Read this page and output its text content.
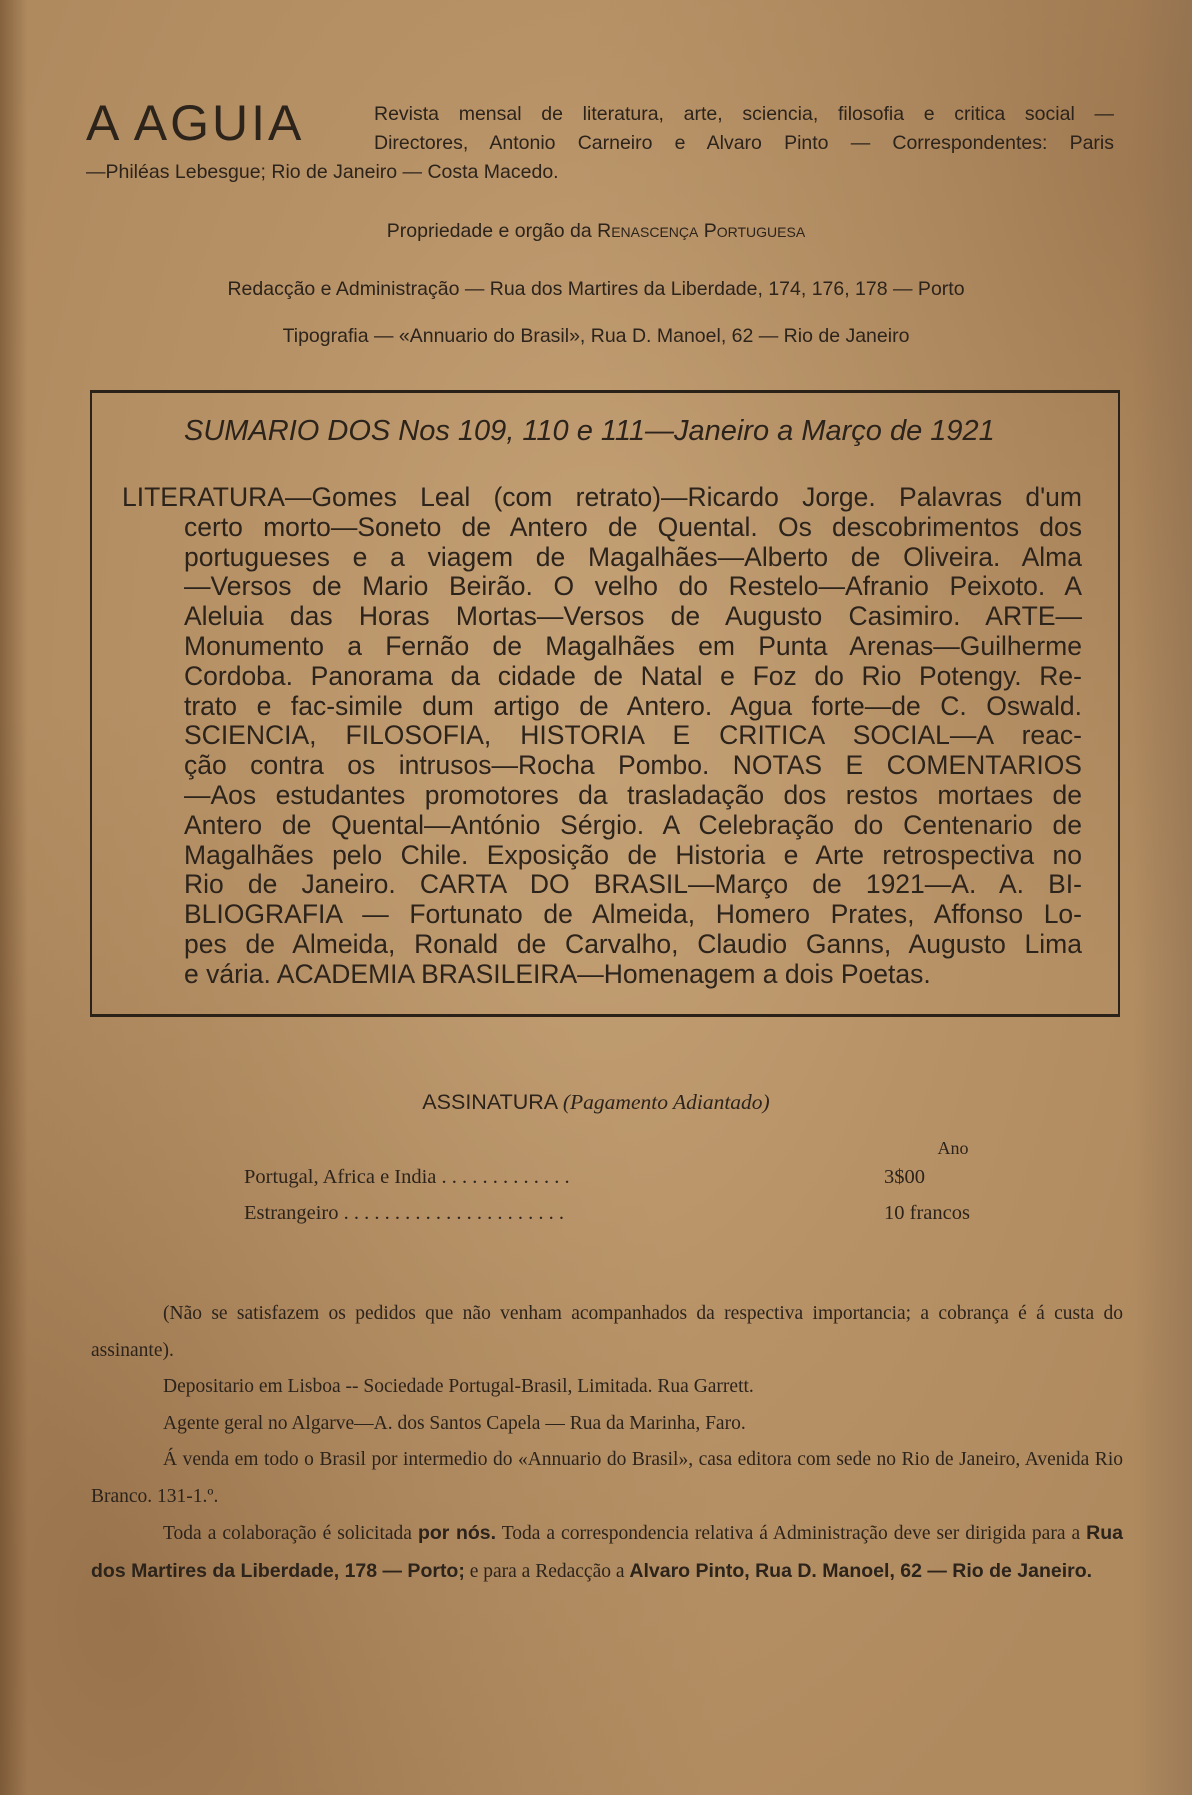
A AGUIA	Revista mensal de literatura, arte, sciencia, filosofia e critica social —
Directores, Antonio Carneiro e Alvaro Pinto — Correspondentes: Paris
—Philéas Lebesgue; Rio de Janeiro — Costa Macedo.
Propriedade e orgão da Renascença Portuguesa
Redacção e Administração — Rua dos Martires da Liberdade, 174, 176, 178 — Porto
Tipografia — «Annuario do Brasil», Rua D. Manoel, 62 — Rio de Janeiro
SUMARIO DOS Nos 109, 110 e 111—Janeiro a Março de 1921
LITERATURA—Gomes Leal (com retrato)—Ricardo Jorge. Palavras d'um
certo morto—Soneto de Antero de Quental. Os descobrimentos dos
portugueses e a viagem de Magalhães—Alberto de Oliveira. Alma
—Versos de Mario Beirão. O velho do Restelo—Afranio Peixoto. A
Aleluia das Horas Mortas—Versos de Augusto Casimiro. ARTE—
Monumento a Fernão de Magalhães em Punta Arenas—Guilherme
Cordoba. Panorama da cidade de Natal e Foz do Rio Potengy. Re-
trato e fac-simile dum artigo de Antero. Agua forte—de C. Oswald.
SCIENCIA, FILOSOFIA, HISTORIA E CRITICA SOCIAL—A reac-
ção contra os intrusos—Rocha Pombo. NOTAS E COMENTARIOS
—Aos estudantes promotores da trasladação dos restos mortaes de
Antero de Quental—António Sérgio. A Celebração do Centenario de
Magalhães pelo Chile. Exposição de Historia e Arte retrospectiva no
Rio de Janeiro. CARTA DO BRASIL—Março de 1921—A. A. BI-
BLIOGRAFIA — Fortunato de Almeida, Homero Prates, Affonso Lo-
pes de Almeida, Ronald de Carvalho, Claudio Ganns, Augusto Lima
e vária. ACADEMIA BRASILEIRA—Homenagem a dois Poetas.
ASSINATURA (Pagamento Adiantado)
Ano
Portugal, Africa e India . . . . . . . . . . . . .	3$00
Estrangeiro . . . . . . . . . . . . . . . . . . . . . .	10 francos
(Não se satisfazem os pedidos que não venham acompanhados da respectiva importancia; a cobrança é á custa do assinante).
Depositario em Lisboa -- Sociedade Portugal-Brasil, Limitada. Rua Garrett.
Agente geral no Algarve—A. dos Santos Capela — Rua da Marinha, Faro.
Á venda em todo o Brasil por intermedio do «Annuario do Brasil», casa editora com sede no Rio de Janeiro, Avenida Rio Branco. 131-1.º.
Toda a colaboração é solicitada por nós. Toda a correspondencia relativa á Administração deve ser dirigida para a Rua dos Martires da Liberdade, 178 — Porto; e para a Redacção a Alvaro Pinto, Rua D. Manoel, 62 — Rio de Janeiro.
